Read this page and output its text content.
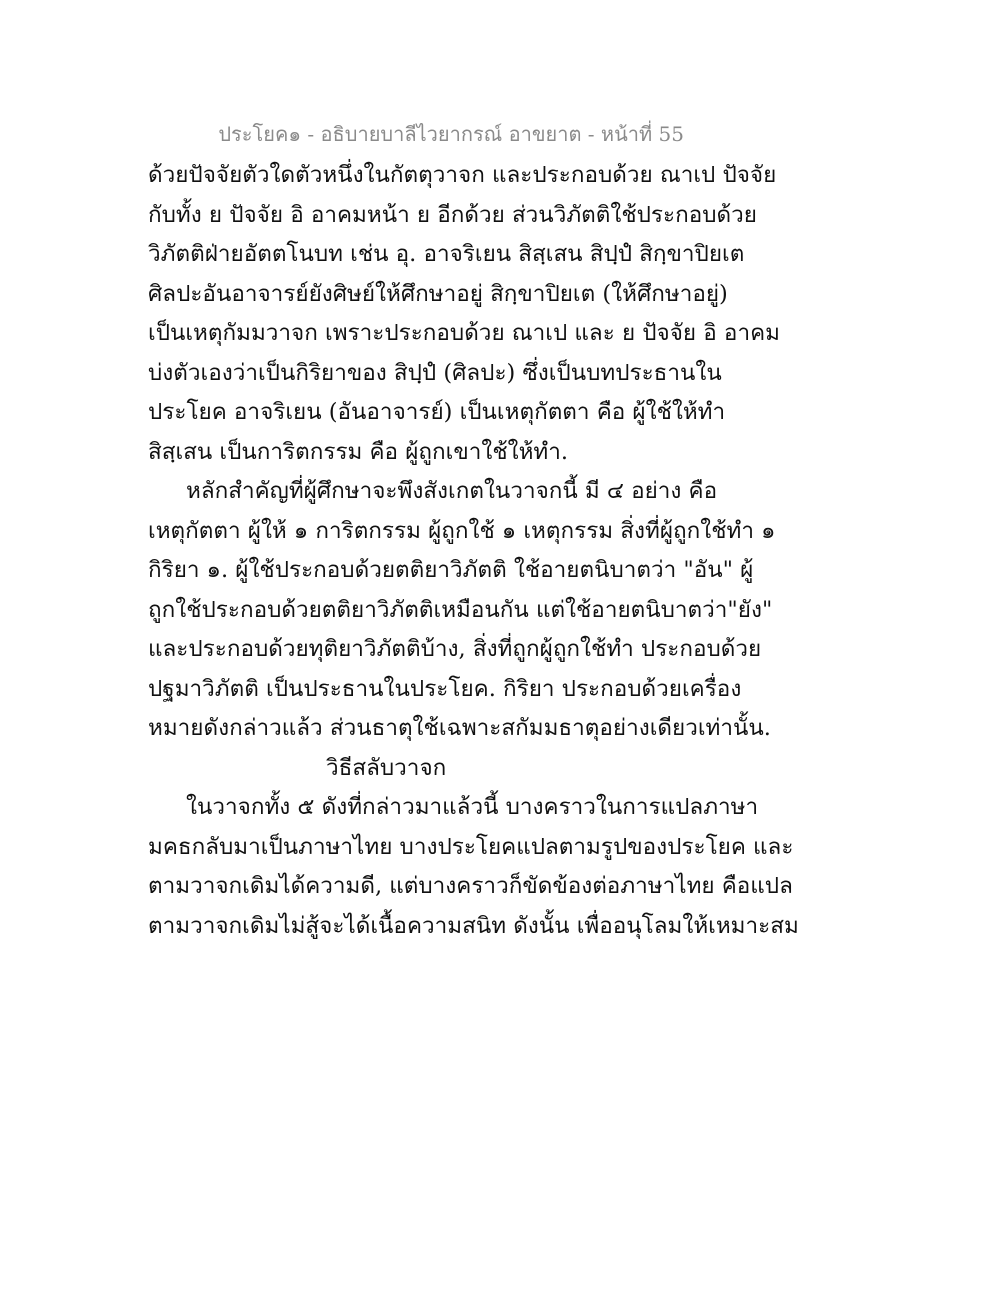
ประโยค๑ - อธิบายบาลีไวยากรณ์ อาขยาต - หน้าที่ 55
ด้วยปัจจัยตัวใดตัวหนึ่งในกัตตุวาจก และประกอบด้วย ณาเป ปัจจัย
กับทั้ง ย ปัจจัย อิ อาคมหน้า ย อีกด้วย ส่วนวิภัตติใช้ประกอบด้วย
วิภัตติฝ่ายอัตตโนบท เช่น อุ. อาจริเยน สิสฺเสน สิปฺปํ สิกฺขาปิยเต
ศิลปะอันอาจารย์ยังศิษย์ให้ศึกษาอยู่ สิกฺขาปิยเต (ให้ศึกษาอยู่)
เป็นเหตุกัมมวาจก เพราะประกอบด้วย ณาเป และ ย ปัจจัย อิ อาคม
บ่งตัวเองว่าเป็นกิริยาของ สิปฺปํ (ศิลปะ) ซึ่งเป็นบทประธานใน
ประโยค อาจริเยน (อันอาจารย์) เป็นเหตุกัตตา คือ ผู้ใช้ให้ทำ
สิสฺเสน เป็นการิตกรรม คือ ผู้ถูกเขาใช้ให้ทำ.
หลักสำคัญที่ผู้ศึกษาจะพึงสังเกตในวาจกนี้ มี ๔ อย่าง คือ
เหตุกัตตา ผู้ให้ ๑ การิตกรรม ผู้ถูกใช้ ๑ เหตุกรรม สิ่งที่ผู้ถูกใช้ทำ ๑
กิริยา ๑. ผู้ใช้ประกอบด้วยตติยาวิภัตติ ใช้อายตนิบาตว่า "อัน" ผู้
ถูกใช้ประกอบด้วยตติยาวิภัตติเหมือนกัน แต่ใช้อายตนิบาตว่า"ยัง"
และประกอบด้วยทุติยาวิภัตติบ้าง, สิ่งที่ถูกผู้ถูกใช้ทำ ประกอบด้วย
ปฐมาวิภัตติ เป็นประธานในประโยค. กิริยา ประกอบด้วยเครื่อง
หมายดังกล่าวแล้ว ส่วนธาตุใช้เฉพาะสกัมมธาตุอย่างเดียวเท่านั้น.
วิธีสลับวาจก
ในวาจกทั้ง ๕ ดังที่กล่าวมาแล้วนี้ บางคราวในการแปลภาษา
มคธกลับมาเป็นภาษาไทย บางประโยคแปลตามรูปของประโยค และ
ตามวาจกเดิมได้ความดี, แต่บางคราวก็ขัดข้องต่อภาษาไทย คือแปล
ตามวาจกเดิมไม่สู้จะได้เนื้อความสนิท ดังนั้น เพื่ออนุโลมให้เหมาะสม
